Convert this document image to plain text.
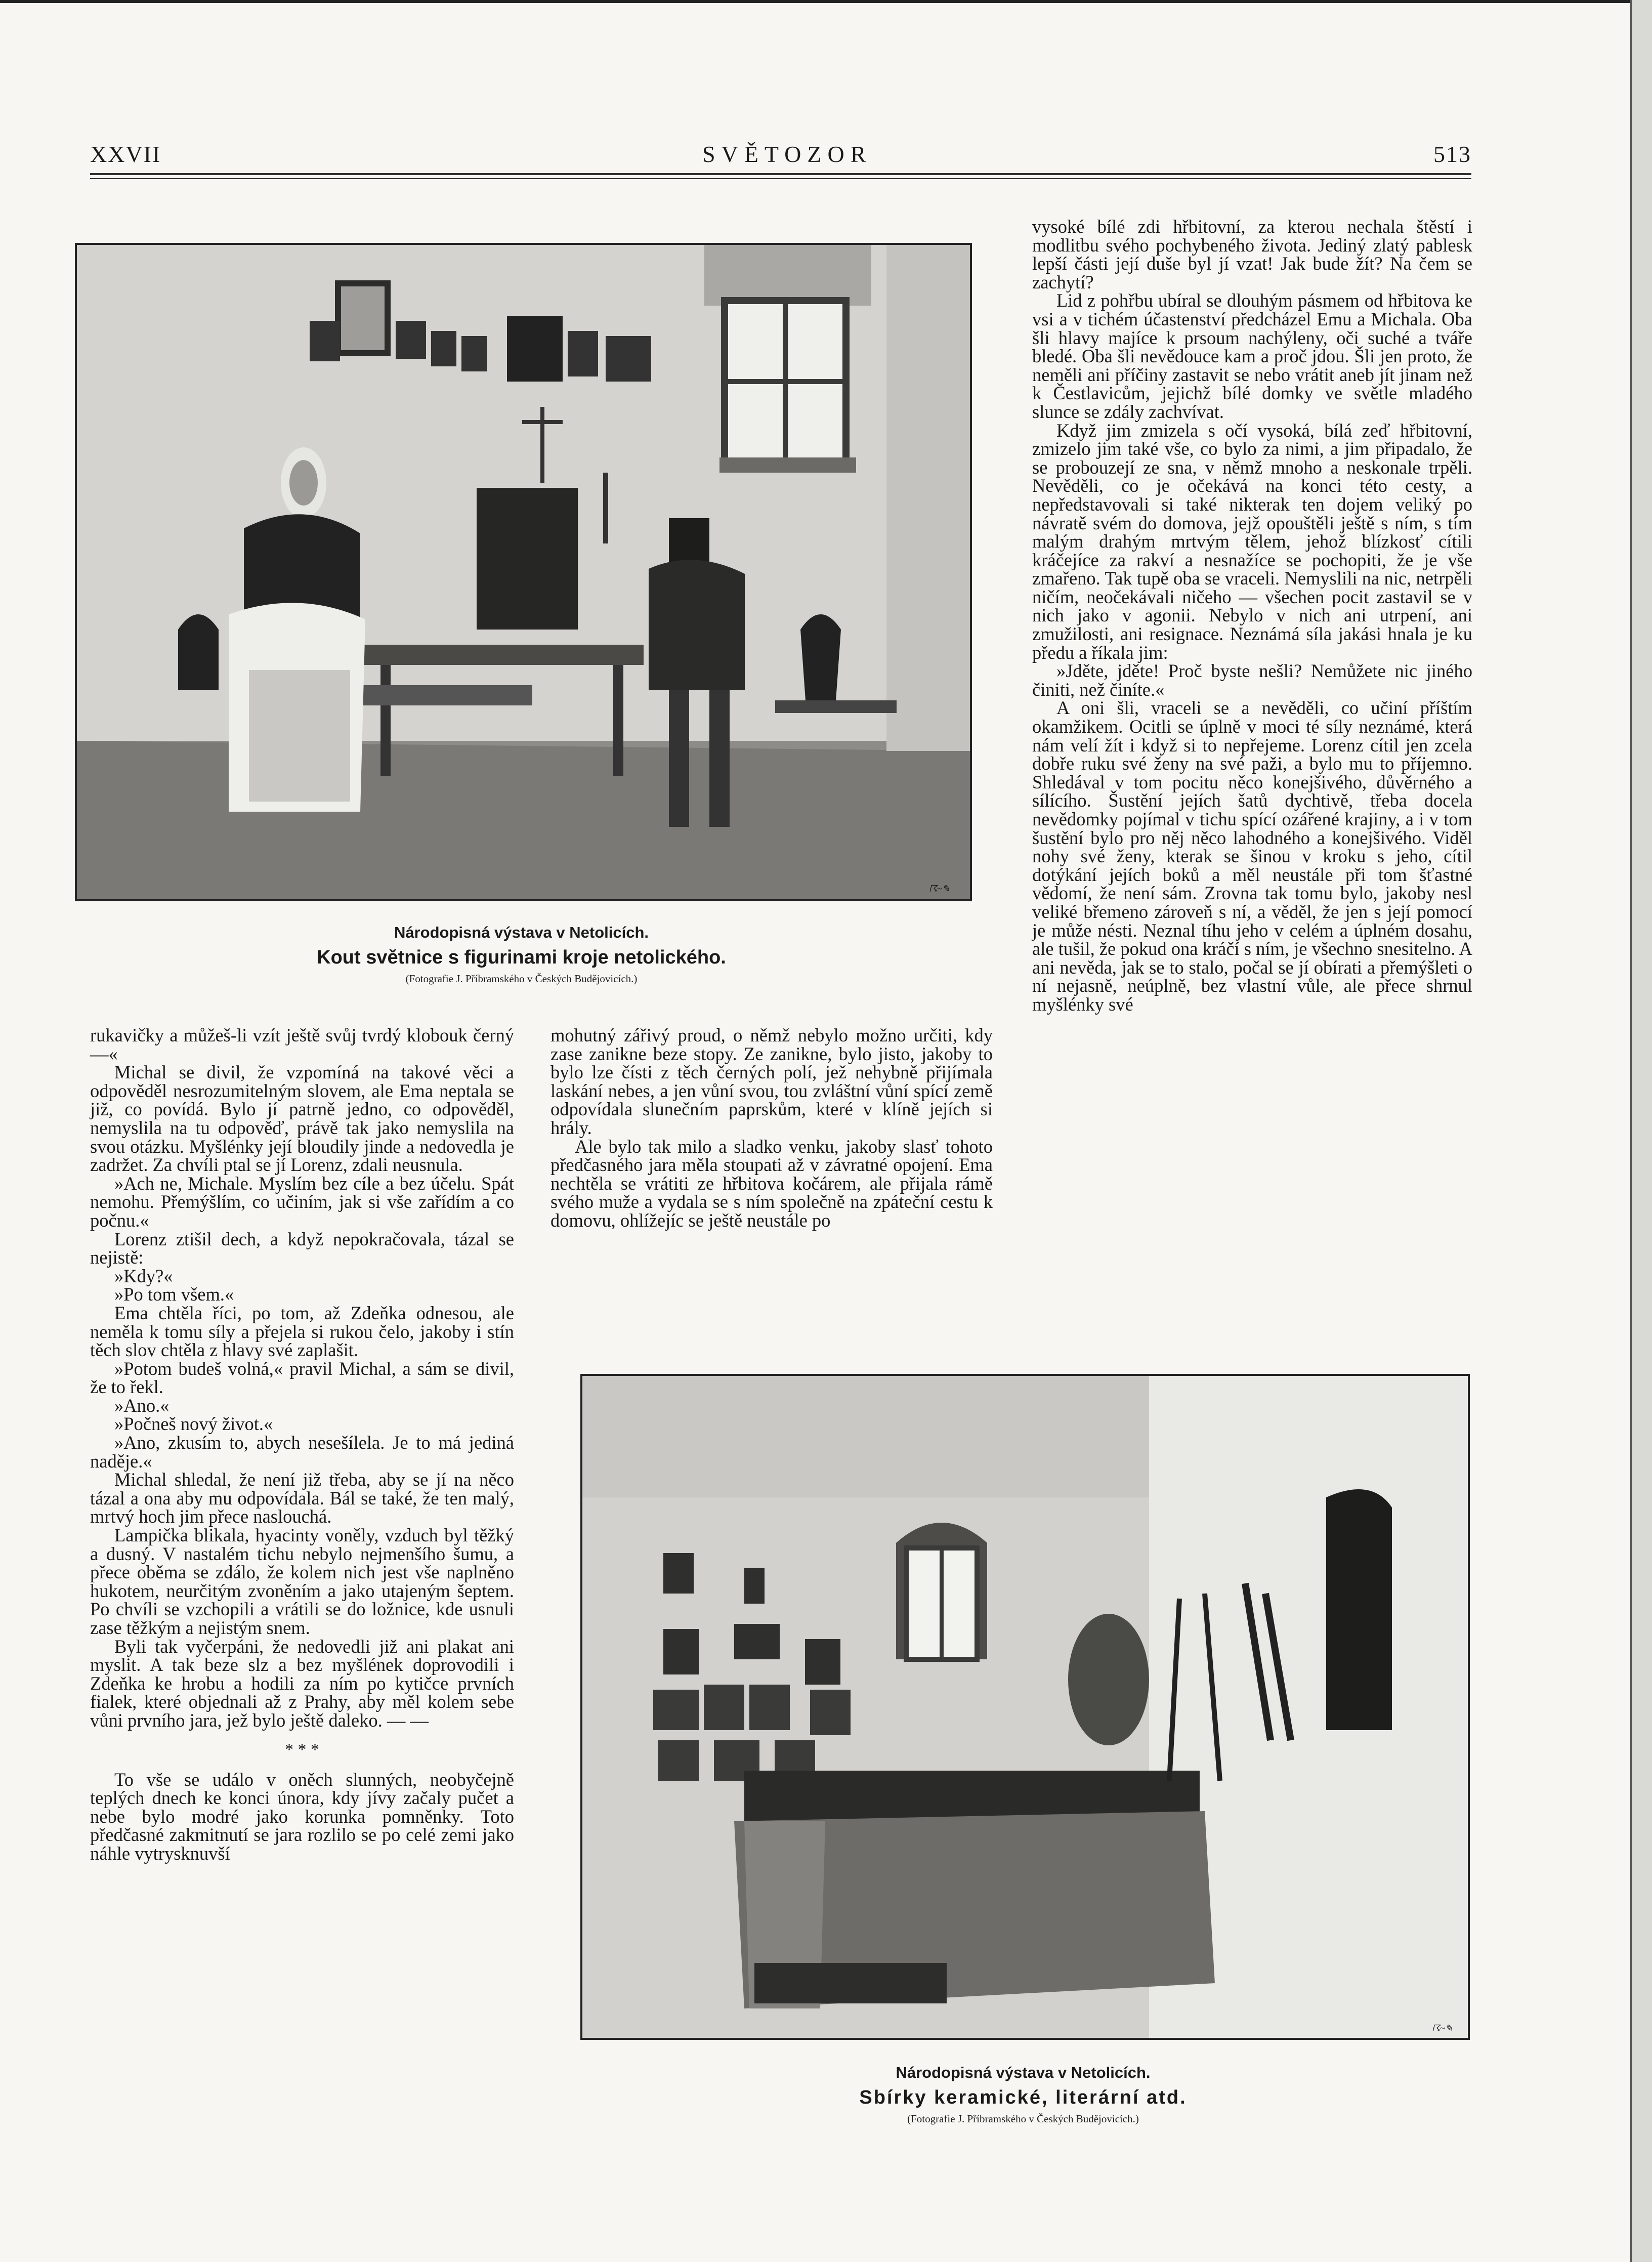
XXVII	SVĚTOZOR	513
☈~✎
Národopisná výstava v Netolicích.
Kout světnice s figurinami kroje netolického.
(Fotografie J. Příbramského v Českých Budějovicích.)

rukavičky a můžeš-li vzít ještě svůj tvrdý klobouk černý —«

Michal se divil, že vzpomíná na takové věci a odpověděl nesrozumitelným slovem, ale Ema neptala se již, co povídá. Bylo jí patrně jedno, co odpověděl, nemyslila na tu odpověď, právě tak jako nemyslila na svou otázku. Myšlénky její bloudily jinde a nedovedla je zadržet. Za chvíli ptal se jí Lorenz, zdali neusnula.

»Ach ne, Michale. Myslím bez cíle a bez účelu. Spát nemohu. Přemýšlím, co učiním, jak si vše zařídím a co počnu.«

Lorenz ztišil dech, a když nepokračovala, tázal se nejistě:

»Kdy?«

»Po tom všem.«

Ema chtěla říci, po tom, až Zdeňka odnesou, ale neměla k tomu síly a přejela si rukou čelo, jakoby i stín těch slov chtěla z hlavy své zaplašit.

»Potom budeš volná,« pravil Michal, a sám se divil, že to řekl.

»Ano.«

»Počneš nový život.«

»Ano, zkusím to, abych nesešílela. Je to má jediná naděje.«

Michal shledal, že není již třeba, aby se jí na něco tázal a ona aby mu odpovídala. Bál se také, že ten malý, mrtvý hoch jim přece naslouchá.

Lampička blikala, hyacinty voněly, vzduch byl těžký a dusný. V nastalém tichu nebylo nejmenšího šumu, a přece oběma se zdálo, že kolem nich jest vše naplněno hukotem, neurčitým zvoněním a jako utajeným šeptem. Po chvíli se vzchopili a vrátili se do ložnice, kde usnuli zase těžkým a nejistým snem.

Byli tak vyčerpáni, že nedovedli již ani plakat ani myslit. A tak beze slz a bez myšlének doprovodili i Zdeňka ke hrobu a hodili za ním po kytičce prvních fialek, které objednali až z Prahy, aby měl kolem sebe vůni prvního jara, jež bylo ještě daleko. — —

* * *

To vše se událo v oněch slunných, neobyčejně teplých dnech ke konci února, kdy jívy začaly pučet a nebe bylo modré jako korunka pomněnky. Toto předčasné zakmitnutí se jara rozlilo se po celé zemi jako náhle vytrysknuvší

mohutný zářivý proud, o němž nebylo možno určiti, kdy zase zanikne beze stopy. Ze zanikne, bylo jisto, jakoby to bylo lze čísti z těch černých polí, jež nehybně přijímala laskání nebes, a jen vůní svou, tou zvláštní vůní spící země odpovídala slunečním paprskům, které v klíně jejích si hrály.

Ale bylo tak milo a sladko venku, jakoby slasť tohoto předčasného jara měla stoupati až v závratné opojení. Ema nechtěla se vrátiti ze hřbitova kočárem, ale přijala rámě svého muže a vydala se s ním společně na zpáteční cestu k domovu, ohlížejíc se ještě neustále po

vysoké bílé zdi hřbitovní, za kterou nechala štěstí i modlitbu svého pochybeného života. Jediný zlatý pablesk lepší části její duše byl jí vzat! Jak bude žít? Na čem se zachytí?

Lid z pohřbu ubíral se dlouhým pásmem od hřbitova ke vsi a v tichém účastenství předcházel Emu a Michala. Oba šli hlavy majíce k prsoum nachýleny, oči suché a tváře bledé. Oba šli nevědouce kam a proč jdou. Šli jen proto, že neměli ani příčiny zastavit se nebo vrátit aneb jít jinam než k Čestlavicům, jejichž bílé domky ve světle mladého slunce se zdály zachvívat.

Když jim zmizela s očí vysoká, bílá zeď hřbitovní, zmizelo jim také vše, co bylo za nimi, a jim připadalo, že se probouzejí ze sna, v němž mnoho a neskonale trpěli. Nevěděli, co je očekává na konci této cesty, a nepředstavovali si také nikterak ten dojem veliký po návratě svém do domova, jejž opouštěli ještě s ním, s tím malým drahým mrtvým tělem, jehož blízkosť cítili kráčejíce za rakví a nesnažíce se pochopiti, že je vše zmařeno. Tak tupě oba se vraceli. Nemyslili na nic, netrpěli ničím, neočekávali ničeho — všechen pocit zastavil se v nich jako v agonii. Nebylo v nich ani utrpení, ani zmužilosti, ani resignace. Neznámá síla jakási hnala je ku předu a říkala jim:

»Jděte, jděte! Proč byste nešli? Nemůžete nic jiného činiti, než činíte.«

A oni šli, vraceli se a nevěděli, co učiní příštím okamžikem. Ocitli se úplně v moci té síly neznámé, která nám velí žít i když si to nepřejeme. Lorenz cítil jen zcela dobře ruku své ženy na své paži, a bylo mu to příjemno. Shledával v tom pocitu něco konejšivého, důvěrného a sílícího. Šustění jejích šatů dychtivě, třeba docela nevědomky pojímal v tichu spící ozářené krajiny, a i v tom šustění bylo pro něj něco lahodného a konejšivého. Viděl nohy své ženy, kterak se šinou v kroku s jeho, cítil dotýkání jejích boků a měl neustále při tom šťastné vědomí, že není sám. Zrovna tak tomu bylo, jakoby nesl veliké břemeno zároveň s ní, a věděl, že jen s její pomocí je může nésti. Neznal tíhu jeho v celém a úplném dosahu, ale tušil, že pokud ona kráčí s ním, je všechno snesitelno. A ani nevěda, jak se to stalo, počal se jí obírati a přemýšleti o ní nejasně, neúplně, bez vlastní vůle, ale přece shrnul myšlénky své

☈~✎
Národopisná výstava v Netolicích.
Sbírky keramické, literární atd.
(Fotografie J. Příbramského v Českých Budějovicích.)
